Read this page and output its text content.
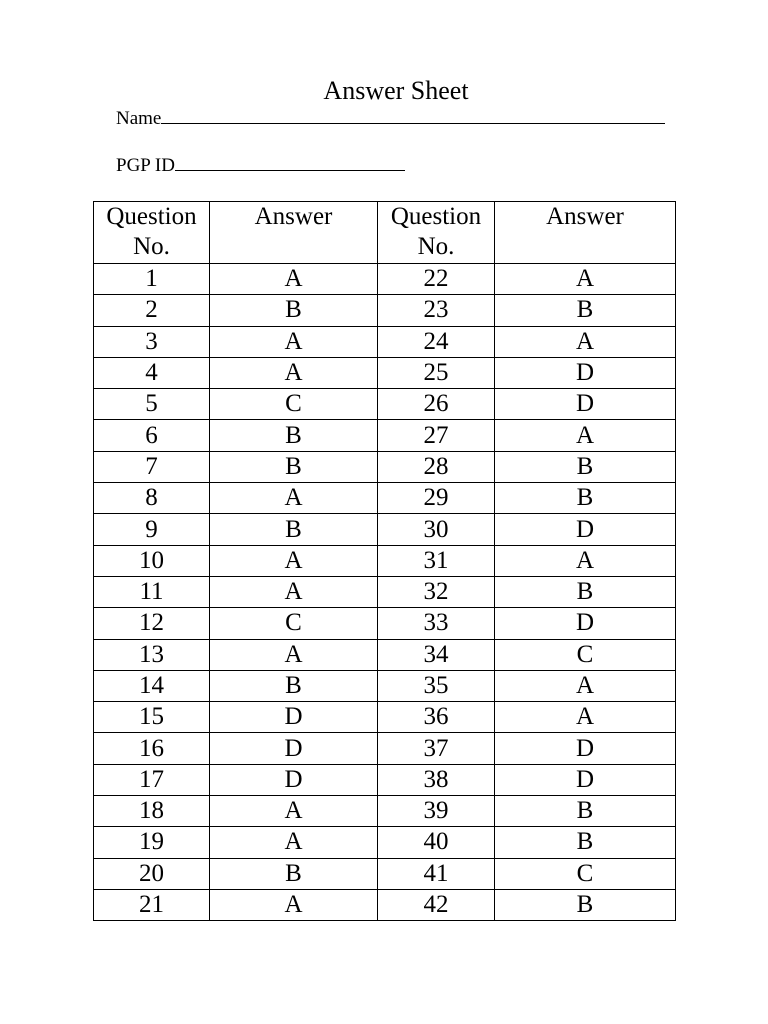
Answer Sheet
Name
PGP ID
Question No.	Answer	Question No.	Answer
1	A	22	A
2	B	23	B
3	A	24	A
4	A	25	D
5	C	26	D
6	B	27	A
7	B	28	B
8	A	29	B
9	B	30	D
10	A	31	A
11	A	32	B
12	C	33	D
13	A	34	C
14	B	35	A
15	D	36	A
16	D	37	D
17	D	38	D
18	A	39	B
19	A	40	B
20	B	41	C
21	A	42	B
